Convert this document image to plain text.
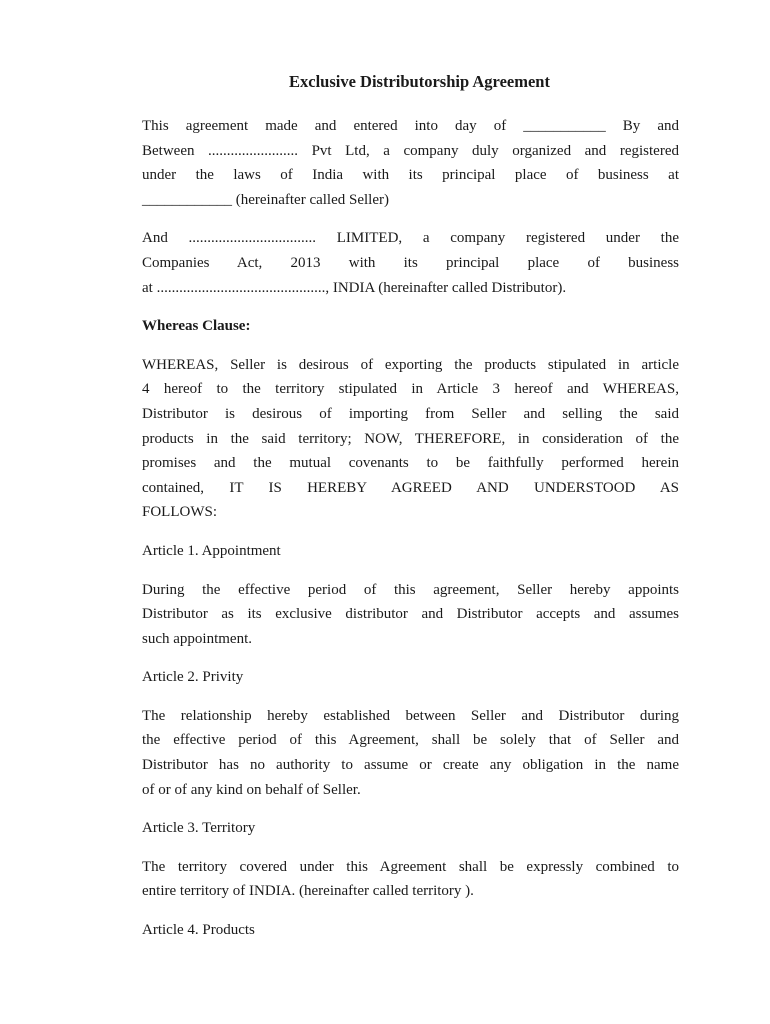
Exclusive Distributorship Agreement
This agreement made and entered into day of ___________ By and
Between ........................ Pvt Ltd, a company duly organized and registered
under the laws of India with its principal place of business at
____________ (hereinafter called Seller)
And .................................. LIMITED, a company registered under the
Companies Act, 2013 with its principal place of business
at ............................................., INDIA (hereinafter called Distributor).
Whereas Clause:
WHEREAS, Seller is desirous of exporting the products stipulated in article
4 hereof to the territory stipulated in Article 3 hereof and WHEREAS,
Distributor is desirous of importing from Seller and selling the said
products in the said territory; NOW, THEREFORE, in consideration of the
promises and the mutual covenants to be faithfully performed herein
contained, IT IS HEREBY AGREED AND UNDERSTOOD AS
FOLLOWS:
Article 1. Appointment
During the effective period of this agreement, Seller hereby appoints
Distributor as its exclusive distributor and Distributor accepts and assumes
such appointment.
Article 2. Privity
The relationship hereby established between Seller and Distributor during
the effective period of this Agreement, shall be solely that of Seller and
Distributor has no authority to assume or create any obligation in the name
of or of any kind on behalf of Seller.
Article 3. Territory
The territory covered under this Agreement shall be expressly combined to
entire territory of INDIA. (hereinafter called territory ).
Article 4. Products
